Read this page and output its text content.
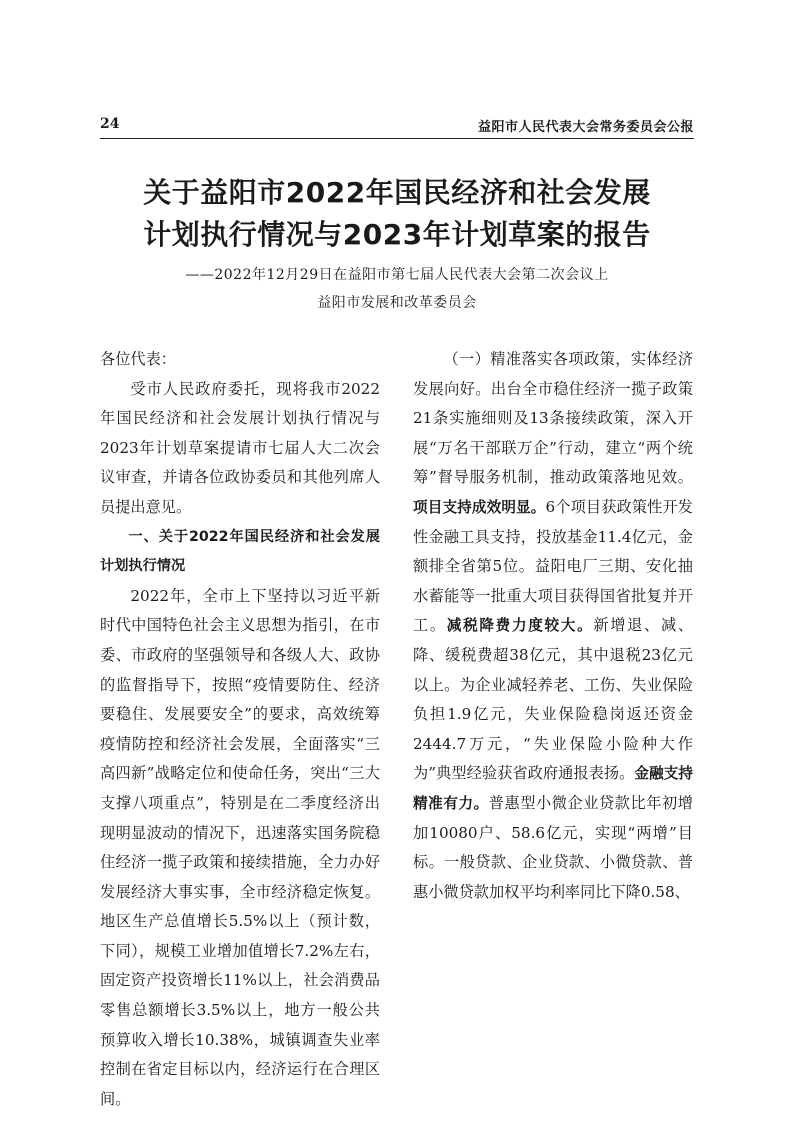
24	益阳市人民代表大会常务委员会公报
关于益阳市2022年国民经济和社会发展
计划执行情况与2023年计划草案的报告
——2022年12月29日在益阳市第七届人民代表大会第二次会议上
益阳市发展和改革委员会

各位代表：

受市人民政府委托，现将我市2022年国民经济和社会发展计划执行情况与2023年计划草案提请市七届人大二次会议审查，并请各位政协委员和其他列席人员提出意见。

一、关于2022年国民经济和社会发展计划执行情况

2022年，全市上下坚持以习近平新时代中国特色社会主义思想为指引，在市委、市政府的坚强领导和各级人大、政协的监督指导下，按照“疫情要防住、经济要稳住、发展要安全”的要求，高效统筹疫情防控和经济社会发展，全面落实“三高四新”战略定位和使命任务，突出“三大支撑八项重点”，特别是在二季度经济出现明显波动的情况下，迅速落实国务院稳住经济一揽子政策和接续措施，全力办好发展经济大事实事，全市经济稳定恢复。地区生产总值增长5.5%以上（预计数，下同），规模工业增加值增长7.2%左右，固定资产投资增长11%以上，社会消费品零售总额增长3.5%以上，地方一般公共预算收入增长10.38%，城镇调查失业率控制在省定目标以内，经济运行在合理区间。

（一）精准落实各项政策，实体经济发展向好。出台全市稳住经济一揽子政策21条实施细则及13条接续政策，深入开展“万名干部联万企”行动，建立“两个统筹”督导服务机制，推动政策落地见效。项目支持成效明显。6个项目获政策性开发性金融工具支持，投放基金11.4亿元，金额排全省第5位。益阳电厂三期、安化抽水蓄能等一批重大项目获得国省批复并开工。减税降费力度较大。新增退、减、降、缓税费超38亿元，其中退税23亿元以上。为企业减轻养老、工伤、失业保险负担1.9亿元，失业保险稳岗返还资金2444.7万元，“失业保险小险种大作为”典型经验获省政府通报表扬。金融支持精准有力。普惠型小微企业贷款比年初增加10080户、58.6亿元，实现“两增”目标。一般贷款、企业贷款、小微贷款、普惠小微贷款加权平均利率同比下降0.58、
